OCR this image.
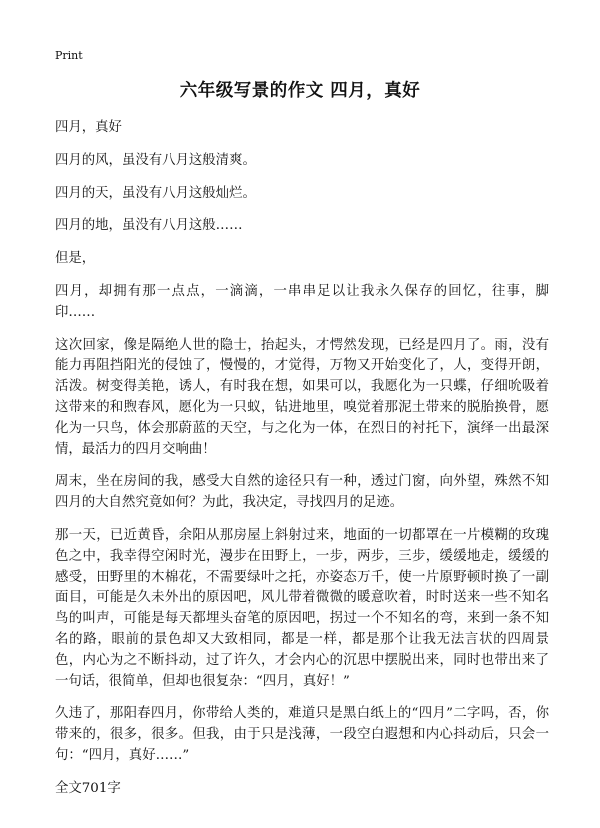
Print
六年级写景的作文 四月，真好

四月，真好

四月的风，虽没有八月这般清爽。

四月的天，虽没有八月这般灿烂。

四月的地，虽没有八月这般……

但是，

四月，却拥有那一点点，一滴滴，一串串足以让我永久保存的回忆，往事，脚印……

这次回家，像是隔绝人世的隐士，抬起头，才愕然发现，已经是四月了。雨，没有能力再阻挡阳光的侵蚀了，慢慢的，才觉得，万物又开始变化了，人，变得开朗，活泼。树变得美艳，诱人，有时我在想，如果可以，我愿化为一只蝶，仔细吮吸着这带来的和煦春风，愿化为一只蚁，钻进地里，嗅觉着那泥土带来的脱胎换骨，愿化为一只鸟，体会那蔚蓝的天空，与之化为一体，在烈日的衬托下，演绎一出最深情，最活力的四月交响曲！

周末，坐在房间的我，感受大自然的途径只有一种，透过门窗，向外望，殊然不知四月的大自然究竟如何？为此，我决定，寻找四月的足迹。

那一天，已近黄昏，余阳从那房屋上斜射过来，地面的一切都罩在一片模糊的玫瑰色之中，我幸得空闲时光，漫步在田野上，一步，两步，三步，缓缓地走，缓缓的感受，田野里的木棉花，不需要绿叶之托，亦姿态万千，使一片原野顿时换了一副面目，可能是久未外出的原因吧，风儿带着微微的暖意吹着，时时送来一些不知名鸟的叫声，可能是每天都埋头奋笔的原因吧，拐过一个不知名的弯，来到一条不知名的路，眼前的景色却又大致相同，都是一样，都是那个让我无法言状的四周景色，内心为之不断抖动，过了许久，才会内心的沉思中摆脱出来，同时也带出来了一句话，很简单，但却也很复杂：“四月，真好！”

久违了，那阳春四月，你带给人类的，难道只是黑白纸上的“四月”二字吗，否，你带来的，很多，很多。但我，由于只是浅薄，一段空白遐想和内心抖动后，只会一句：“四月，真好……”

全文701字
